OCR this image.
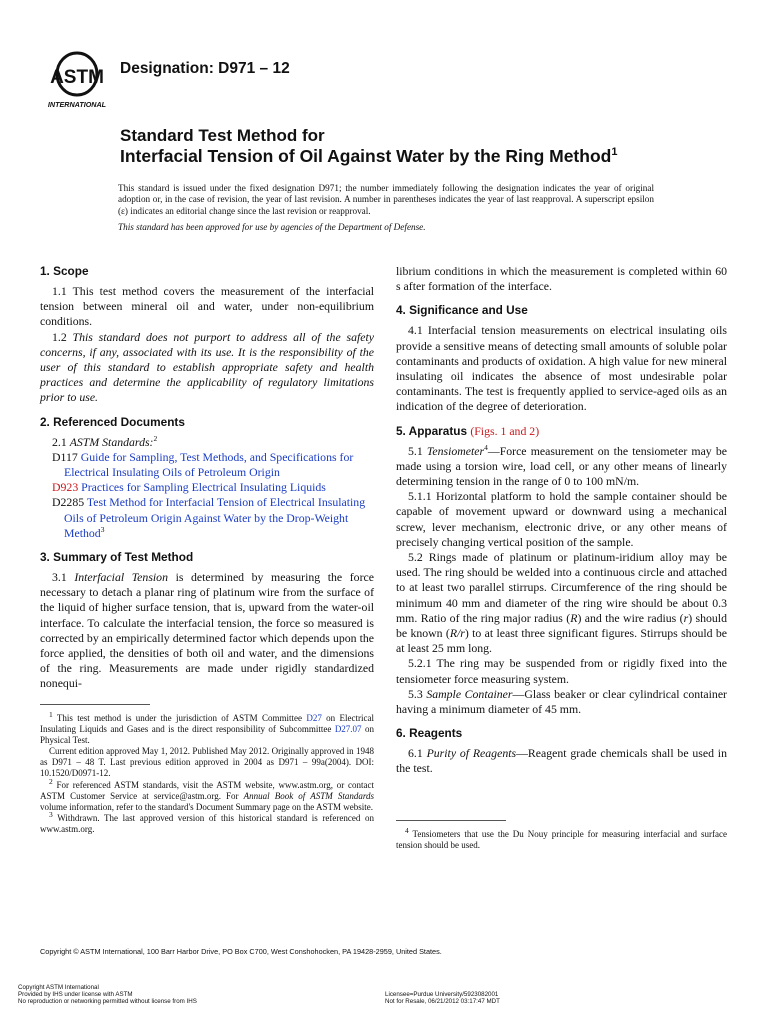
ASTM
INTERNATIONAL
Designation: D971 – 12
Standard Test Method for
Interfacial Tension of Oil Against Water by the Ring Method$^1$
This standard is issued under the fixed designation D971; the number immediately following the designation indicates the year of original adoption or, in the case of revision, the year of last revision. A number in parentheses indicates the year of last reapproval. A superscript epsilon (ε) indicates an editorial change since the last revision or reapproval.
This standard has been approved for use by agencies of the Department of Defense.
1. Scope

1.1 This test method covers the measurement of the interfacial tension between mineral oil and water, under non-equilibrium conditions.

1.2 This standard does not purport to address all of the safety concerns, if any, associated with its use. It is the responsibility of the user of this standard to establish appropriate safety and health practices and determine the applicability of regulatory limitations prior to use.

2. Referenced Documents

2.1 ASTM Standards:$^2$

D117 Guide for Sampling, Test Methods, and Specifications for Electrical Insulating Oils of Petroleum Origin
D923 Practices for Sampling Electrical Insulating Liquids
D2285 Test Method for Interfacial Tension of Electrical Insulating Oils of Petroleum Origin Against Water by the Drop-Weight Method$^3$
3. Summary of Test Method

3.1 Interfacial Tension is determined by measuring the force necessary to detach a planar ring of platinum wire from the surface of the liquid of higher surface tension, that is, upward from the water-oil interface. To calculate the interfacial tension, the force so measured is corrected by an empirically determined factor which depends upon the force applied, the densities of both oil and water, and the dimensions of the ring. Measurements are made under rigidly standardized nonequi-

$^1$ This test method is under the jurisdiction of ASTM Committee D27 on Electrical Insulating Liquids and Gases and is the direct responsibility of Subcommittee D27.07 on Physical Test.

Current edition approved May 1, 2012. Published May 2012. Originally approved in 1948 as D971 – 48 T. Last previous edition approved in 2004 as D971 – 99a(2004). DOI: 10.1520/D0971-12.

$^2$ For referenced ASTM standards, visit the ASTM website, www.astm.org, or contact ASTM Customer Service at service@astm.org. For Annual Book of ASTM Standards volume information, refer to the standard's Document Summary page on the ASTM website.

$^3$ Withdrawn. The last approved version of this historical standard is referenced on www.astm.org.

librium conditions in which the measurement is completed within 60 s after formation of the interface.
4. Significance and Use

4.1 Interfacial tension measurements on electrical insulating oils provide a sensitive means of detecting small amounts of soluble polar contaminants and products of oxidation. A high value for new mineral insulating oil indicates the absence of most undesirable polar contaminants. The test is frequently applied to service-aged oils as an indication of the degree of deterioration.

5. Apparatus (Figs. 1 and 2)

5.1 Tensiometer$^4$—Force measurement on the tensiometer may be made using a torsion wire, load cell, or any other means of linearly determining tension in the range of 0 to 100 mN/m.

5.1.1 Horizontal platform to hold the sample container should be capable of movement upward or downward using a mechanical screw, lever mechanism, electronic drive, or any other means of precisely changing vertical position of the sample.

5.2 Rings made of platinum or platinum-iridium alloy may be used. The ring should be welded into a continuous circle and attached to at least two parallel stirrups. Circumference of the ring should be minimum 40 mm and diameter of the ring wire should be about 0.3 mm. Ratio of the ring major radius (R) and the wire radius (r) should be known (R/r) to at least three significant figures. Stirrups should be at least 25 mm long.

5.2.1 The ring may be suspended from or rigidly fixed into the tensiometer force measuring system.

5.3 Sample Container—Glass beaker or clear cylindrical container having a minimum diameter of 45 mm.

6. Reagents

6.1 Purity of Reagents—Reagent grade chemicals shall be used in the test.

$^4$ Tensiometers that use the Du Nouy principle for measuring interfacial and surface tension should be used.

Copyright © ASTM International, 100 Barr Harbor Drive, PO Box C700, West Conshohocken, PA 19428-2959, United States.
Copyright ASTM International
Provided by IHS under license with ASTM
No reproduction or networking permitted without license from IHS
Licensee=Purdue University/5923082001
Not for Resale, 06/21/2012 03:17:47 MDT
